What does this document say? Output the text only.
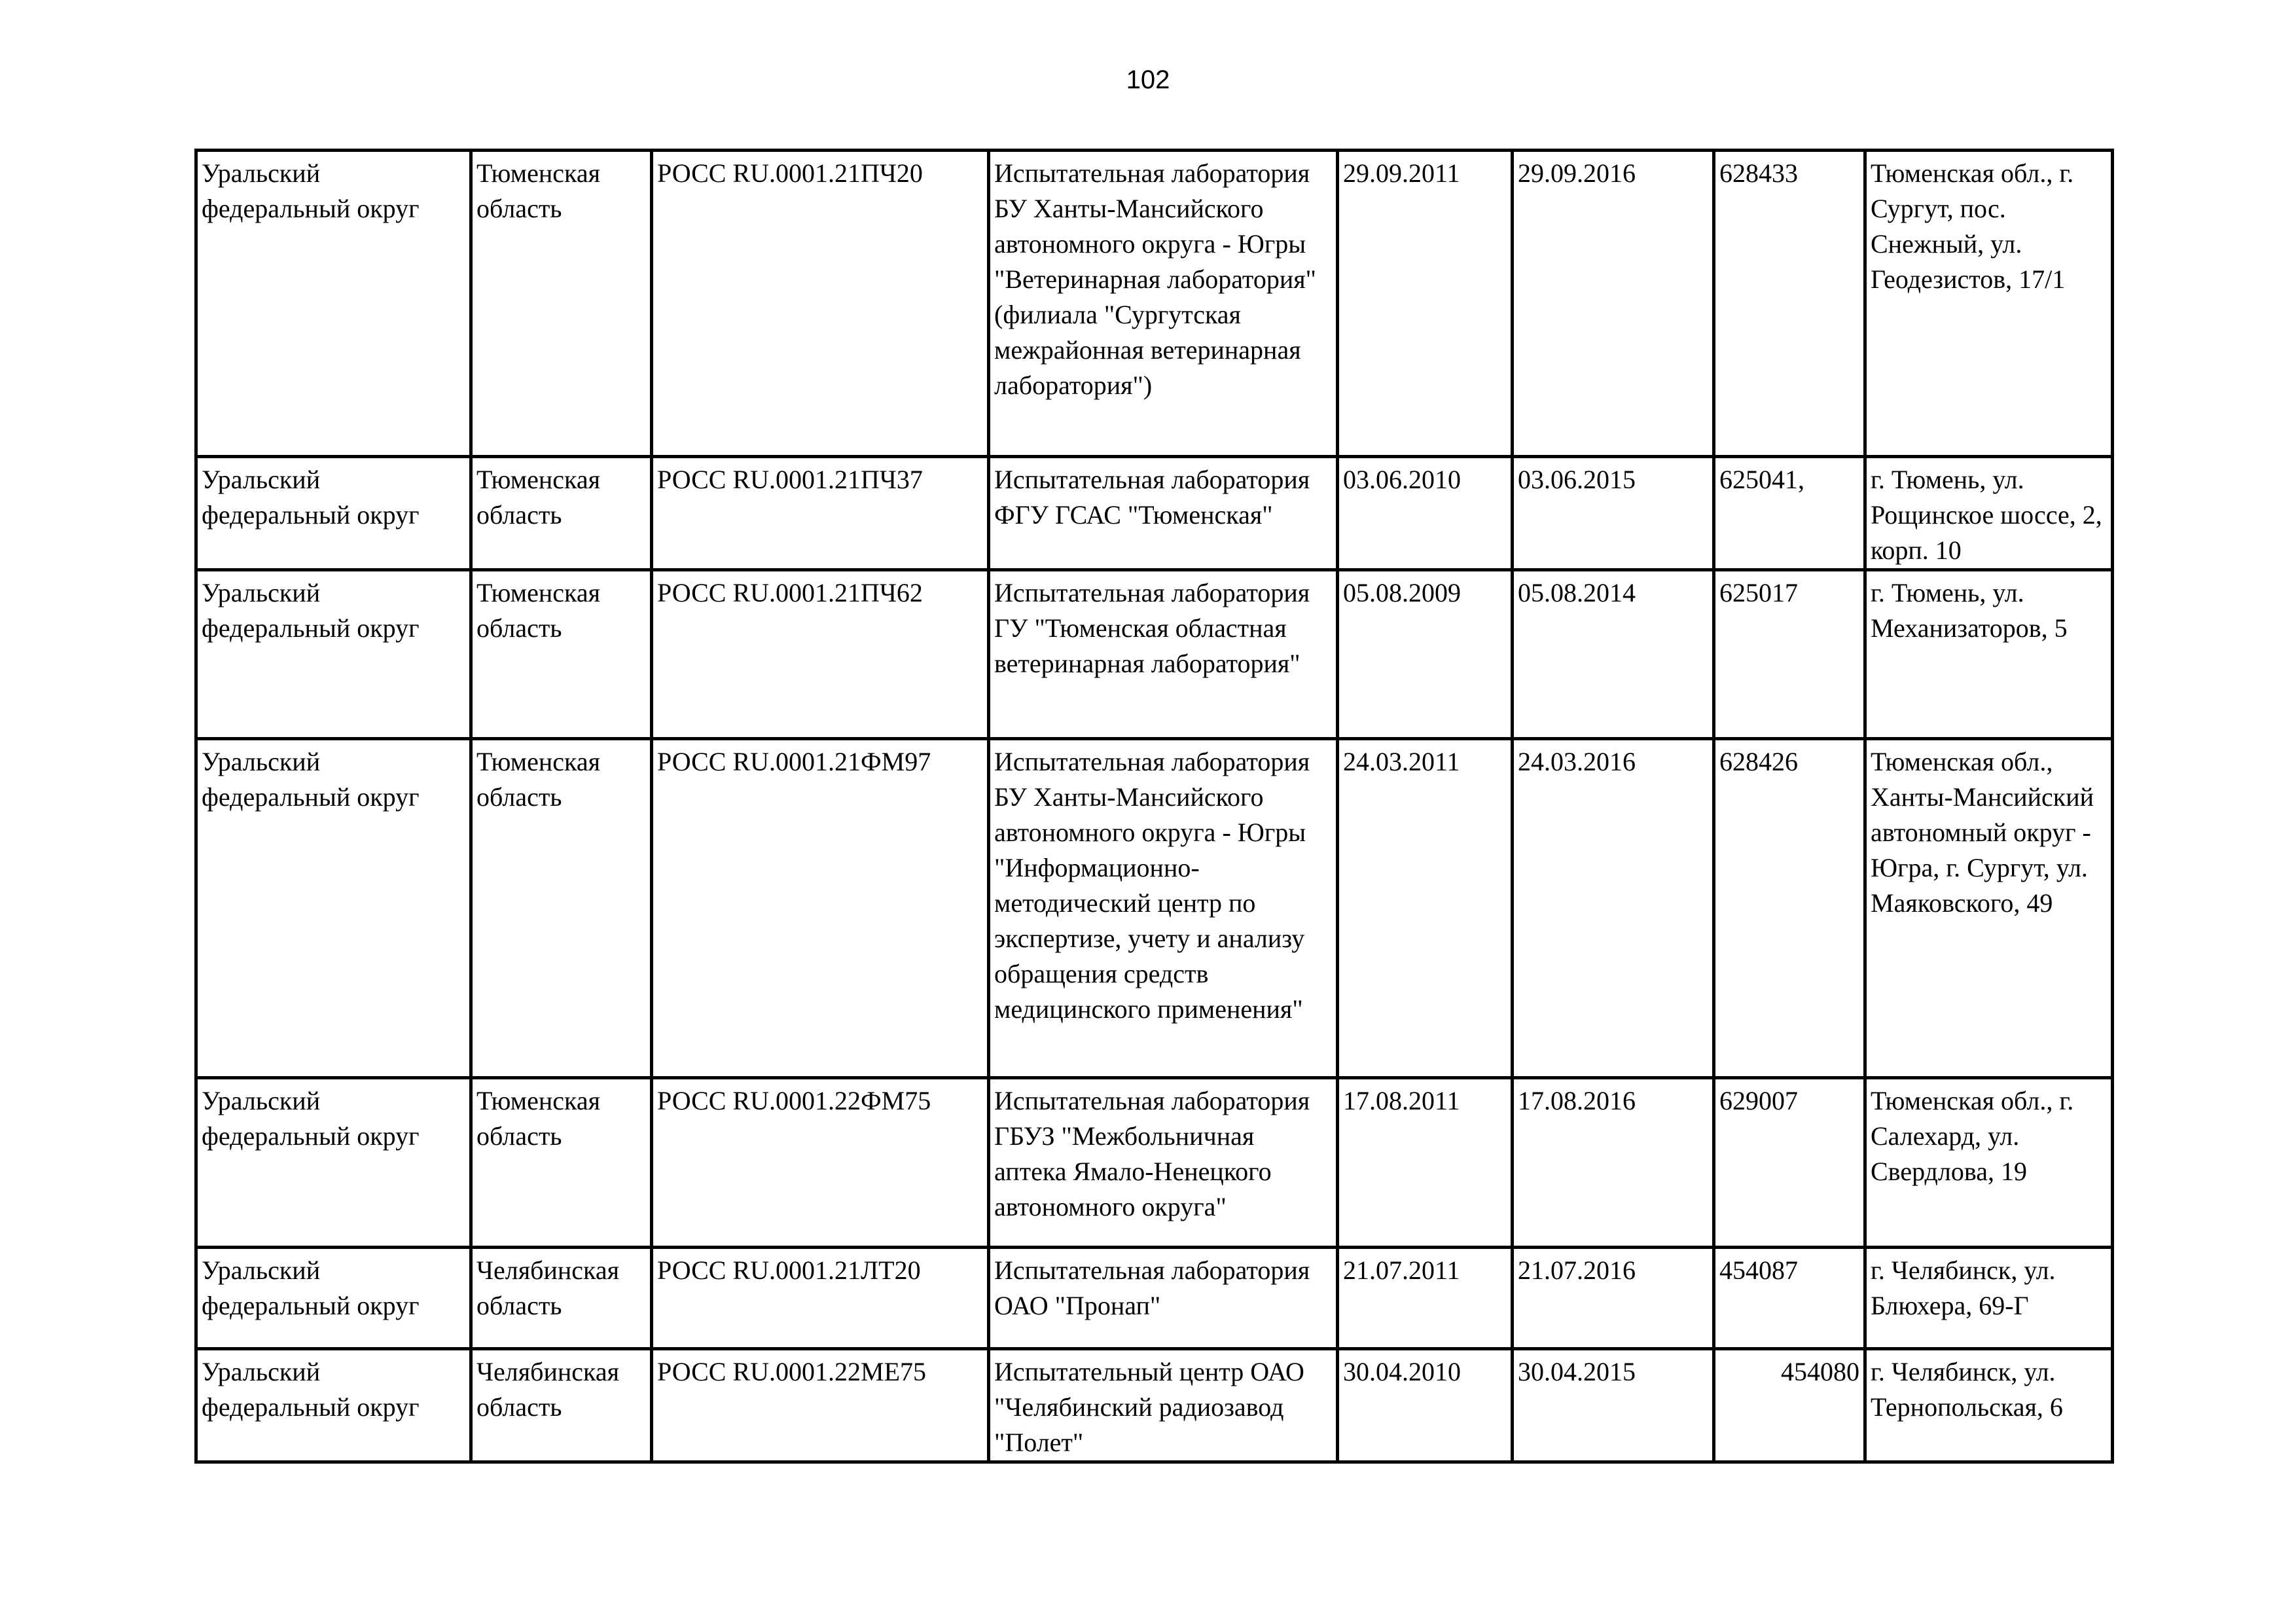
102
Уральский федеральный округ	Тюменская область	РОСС RU.0001.21ПЧ20	Испытательная лаборатория БУ Ханты-Мансийского автономного округа - Югры "Ветеринарная лаборатория" (филиала "Сургутская межрайонная ветеринарная лаборатория")	29.09.2011	29.09.2016	628433	Тюменская обл., г. Сургут, пос. Снежный, ул. Геодезистов, 17/1
Уральский федеральный округ	Тюменская область	РОСС RU.0001.21ПЧ37	Испытательная лаборатория ФГУ ГСАС "Тюменская"	03.06.2010	03.06.2015	625041,	г. Тюмень, ул. Рощинское шоссе, 2, корп. 10
Уральский федеральный округ	Тюменская область	РОСС RU.0001.21ПЧ62	Испытательная лаборатория ГУ "Тюменская областная ветеринарная лаборатория"	05.08.2009	05.08.2014	625017	г. Тюмень, ул. Механизаторов, 5
Уральский федеральный округ	Тюменская область	РОСС RU.0001.21ФМ97	Испытательная лаборатория БУ Ханты-Мансийского автономного округа - Югры "Информационно-методический центр по экспертизе, учету и анализу обращения средств медицинского применения"	24.03.2011	24.03.2016	628426	Тюменская обл., Ханты-Мансийский автономный округ - Югра, г. Сургут, ул. Маяковского, 49
Уральский федеральный округ	Тюменская область	РОСС RU.0001.22ФМ75	Испытательная лаборатория ГБУЗ "Межбольничная аптека Ямало-Ненецкого автономного округа"	17.08.2011	17.08.2016	629007	Тюменская обл., г. Салехард, ул. Свердлова, 19
Уральский федеральный округ	Челябинская область	РОСС RU.0001.21ЛТ20	Испытательная лаборатория ОАО "Пронап"	21.07.2011	21.07.2016	454087	г. Челябинск, ул. Блюхера, 69-Г
Уральский федеральный округ	Челябинская область	РОСС RU.0001.22МЕ75	Испытательный центр ОАО "Челябинский радиозавод "Полет"	30.04.2010	30.04.2015	454080	г. Челябинск, ул. Тернопольская, 6
